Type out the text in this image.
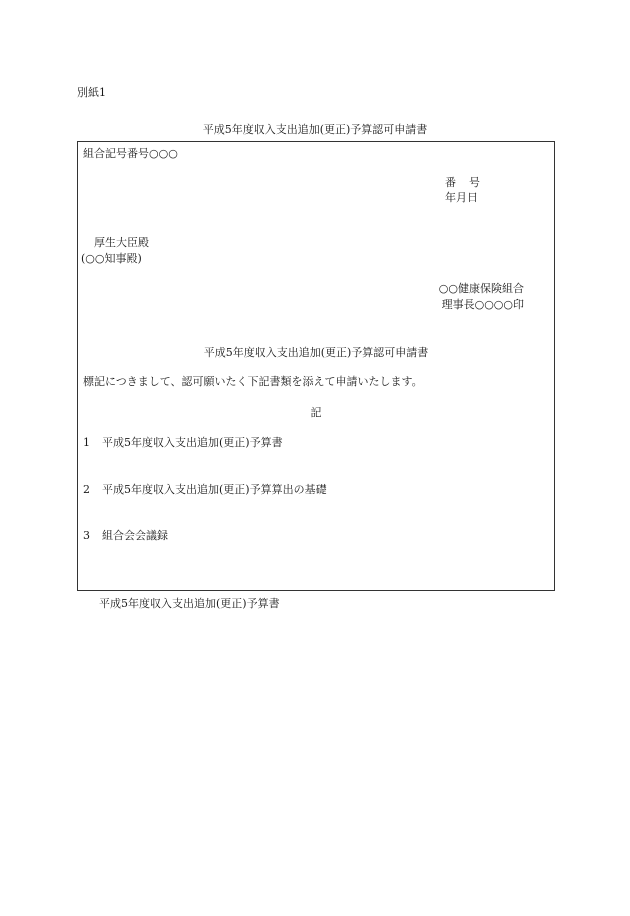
別紙1
平成5年度収入支出追加(更正)予算認可申請書
組合記号番号○○○
番 号
年月日
厚生大臣殿
(○○知事殿)
○○健康保険組合
理事長○○○○印
平成5年度収入支出追加(更正)予算認可申請書
標記につきまして、認可願いたく下記書類を添えて申請いたします。
記
1 平成5年度収入支出追加(更正)予算書
2 平成5年度収入支出追加(更正)予算算出の基礎
3 組合会会議録
平成5年度収入支出追加(更正)予算書
